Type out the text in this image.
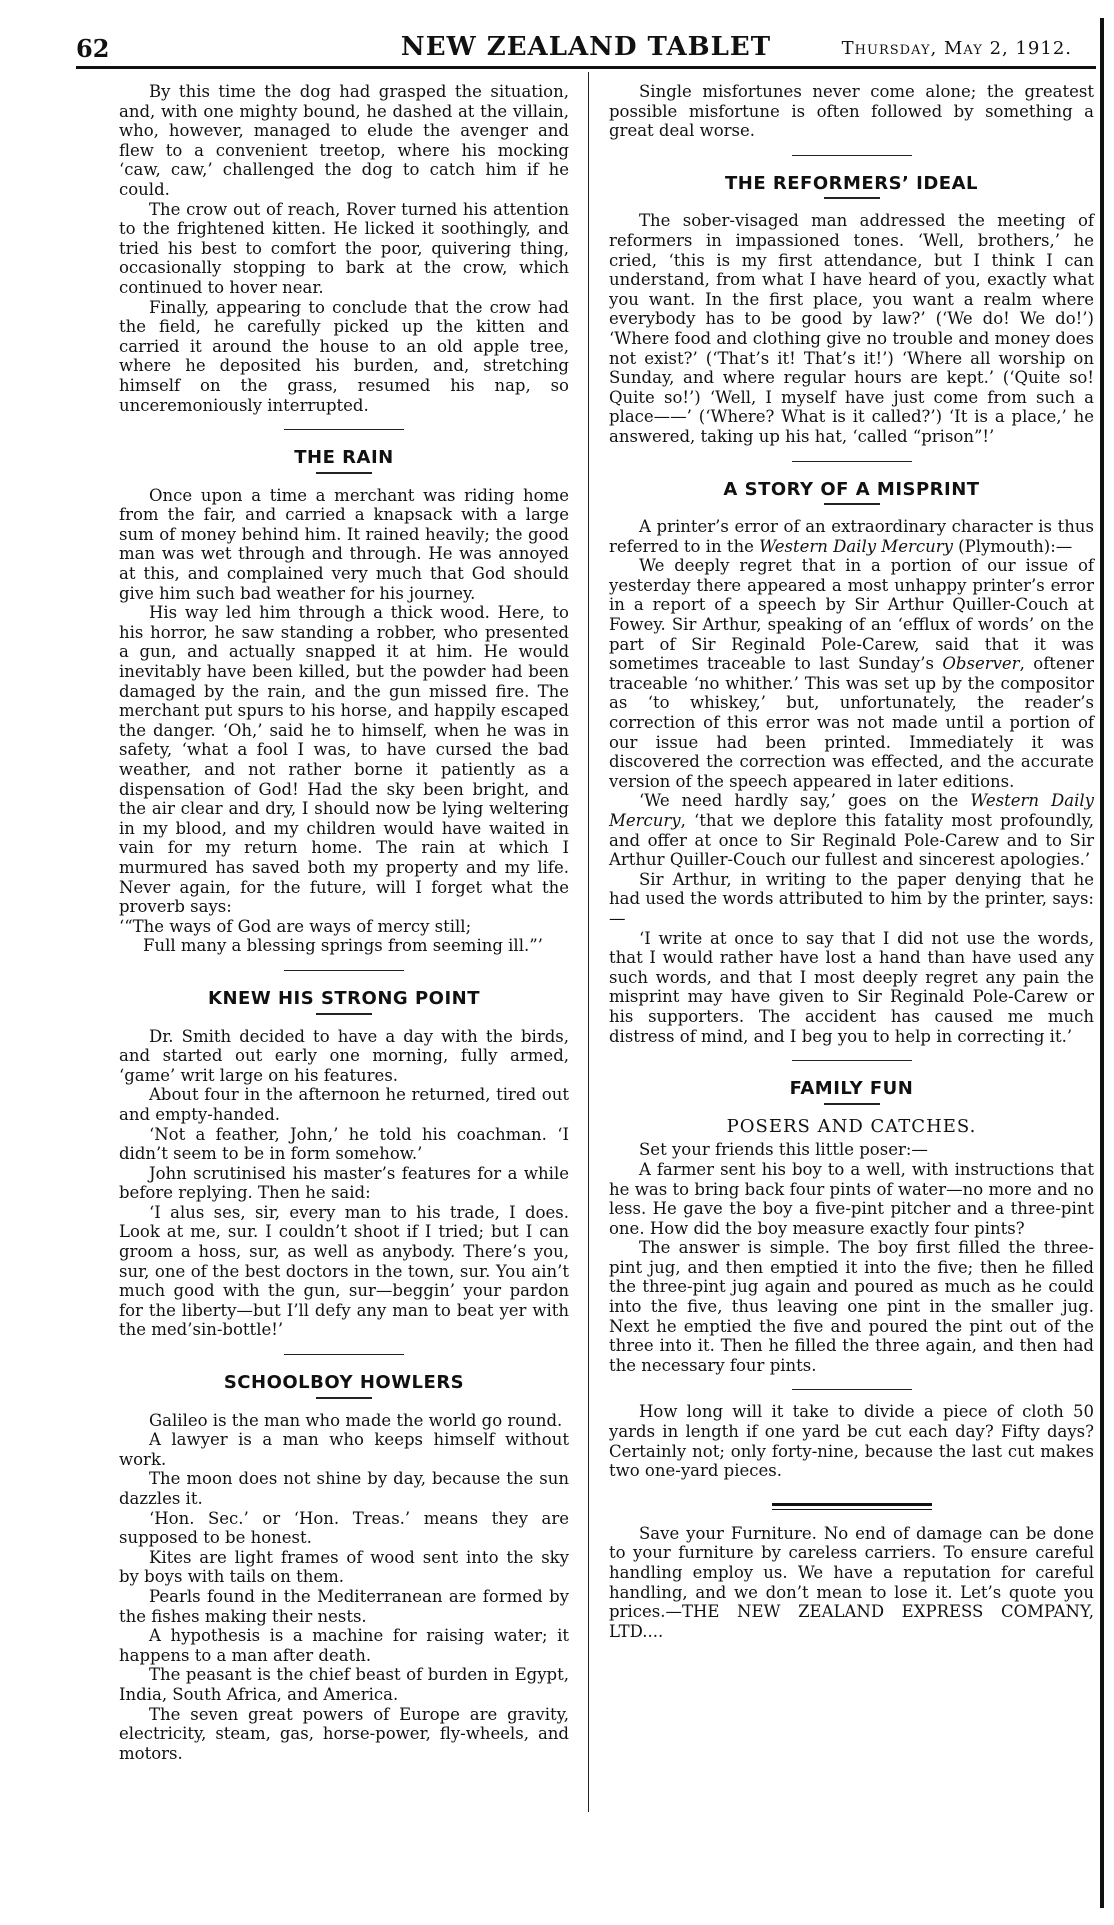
62	NEW ZEALAND TABLET	Thursday, May 2, 1912.

By this time the dog had grasped the situation, and, with one mighty bound, he dashed at the villain, who, however, managed to elude the avenger and flew to a convenient treetop, where his mocking ‘caw, caw,’ challenged the dog to catch him if he could.

The crow out of reach, Rover turned his attention to the frightened kitten. He licked it soothingly, and tried his best to comfort the poor, quivering thing, occasionally stopping to bark at the crow, which continued to hover near.

Finally, appearing to conclude that the crow had the field, he carefully picked up the kitten and carried it around the house to an old apple tree, where he deposited his burden, and, stretching himself on the grass, resumed his nap, so unceremoniously interrupted.

THE RAIN

Once upon a time a merchant was riding home from the fair, and carried a knapsack with a large sum of money behind him. It rained heavily; the good man was wet through and through. He was annoyed at this, and complained very much that God should give him such bad weather for his journey.

His way led him through a thick wood. Here, to his horror, he saw standing a robber, who presented a gun, and actually snapped it at him. He would inevitably have been killed, but the powder had been damaged by the rain, and the gun missed fire. The merchant put spurs to his horse, and happily escaped the danger. ‘Oh,’ said he to himself, when he was in safety, ‘what a fool I was, to have cursed the bad weather, and not rather borne it patiently as a dispensation of God! Had the sky been bright, and the air clear and dry, I should now be lying weltering in my blood, and my children would have waited in vain for my return home. The rain at which I murmured has saved both my property and my life. Never again, for the future, will I forget what the proverb says:

‘“The ways of God are ways of mercy still;

Full many a blessing springs from seeming ill.”’

KNEW HIS STRONG POINT

Dr. Smith decided to have a day with the birds, and started out early one morning, fully armed, ‘game’ writ large on his features.

About four in the afternoon he returned, tired out and empty-handed.

‘Not a feather, John,’ he told his coachman. ‘I didn’t seem to be in form somehow.’

John scrutinised his master’s features for a while before replying. Then he said:

‘I alus ses, sir, every man to his trade, I does. Look at me, sur. I couldn’t shoot if I tried; but I can groom a hoss, sur, as well as anybody. There’s you, sur, one of the best doctors in the town, sur. You ain’t much good with the gun, sur—beggin’ your pardon for the liberty—but I’ll defy any man to beat yer with the med’sin-bottle!’

SCHOOLBOY HOWLERS

Galileo is the man who made the world go round.

A lawyer is a man who keeps himself without work.

The moon does not shine by day, because the sun dazzles it.

‘Hon. Sec.’ or ‘Hon. Treas.’ means they are supposed to be honest.

Kites are light frames of wood sent into the sky by boys with tails on them.

Pearls found in the Mediterranean are formed by the fishes making their nests.

A hypothesis is a machine for raising water; it happens to a man after death.

The peasant is the chief beast of burden in Egypt, India, South Africa, and America.

The seven great powers of Europe are gravity, electricity, steam, gas, horse-power, fly-wheels, and motors.

Single misfortunes never come alone; the greatest possible misfortune is often followed by something a great deal worse.

THE REFORMERS’ IDEAL

The sober-visaged man addressed the meeting of reformers in impassioned tones. ‘Well, brothers,’ he cried, ‘this is my first attendance, but I think I can understand, from what I have heard of you, exactly what you want. In the first place, you want a realm where everybody has to be good by law?’ (‘We do! We do!’) ‘Where food and clothing give no trouble and money does not exist?’ (‘That’s it! That’s it!’) ‘Where all worship on Sunday, and where regular hours are kept.’ (‘Quite so! Quite so!’) ‘Well, I myself have just come from such a place——’ (‘Where? What is it called?’) ‘It is a place,’ he answered, taking up his hat, ‘called “prison”!’

A STORY OF A MISPRINT

A printer’s error of an extraordinary character is thus referred to in the Western Daily Mercury (Plymouth):—

We deeply regret that in a portion of our issue of yesterday there appeared a most unhappy printer’s error in a report of a speech by Sir Arthur Quiller-Couch at Fowey. Sir Arthur, speaking of an ‘efflux of words’ on the part of Sir Reginald Pole-Carew, said that it was sometimes traceable to last Sunday’s Observer, oftener traceable ‘no whither.’ This was set up by the compositor as ‘to whiskey,’ but, unfortunately, the reader’s correction of this error was not made until a portion of our issue had been printed. Immediately it was discovered the correction was effected, and the accurate version of the speech appeared in later editions.

‘We need hardly say,’ goes on the Western Daily Mercury, ‘that we deplore this fatality most profoundly, and offer at once to Sir Reginald Pole-Carew and to Sir Arthur Quiller-Couch our fullest and sincerest apologies.’

Sir Arthur, in writing to the paper denying that he had used the words attributed to him by the printer, says:—

‘I write at once to say that I did not use the words, that I would rather have lost a hand than have used any such words, and that I most deeply regret any pain the misprint may have given to Sir Reginald Pole-Carew or his supporters. The accident has caused me much distress of mind, and I beg you to help in correcting it.’

FAMILY FUN
POSERS AND CATCHES.

Set your friends this little poser:—

A farmer sent his boy to a well, with instructions that he was to bring back four pints of water—no more and no less. He gave the boy a five-pint pitcher and a three-pint one. How did the boy measure exactly four pints?

The answer is simple. The boy first filled the three-pint jug, and then emptied it into the five; then he filled the three-pint jug again and poured as much as he could into the five, thus leaving one pint in the smaller jug. Next he emptied the five and poured the pint out of the three into it. Then he filled the three again, and then had the necessary four pints.

How long will it take to divide a piece of cloth 50 yards in length if one yard be cut each day? Fifty days? Certainly not; only forty-nine, because the last cut makes two one-yard pieces.

Save your Furniture. No end of damage can be done to your furniture by careless carriers. To ensure careful handling employ us. We have a reputation for careful handling, and we don’t mean to lose it. Let’s quote you prices.—THE NEW ZEALAND EXPRESS COMPANY, LTD....
